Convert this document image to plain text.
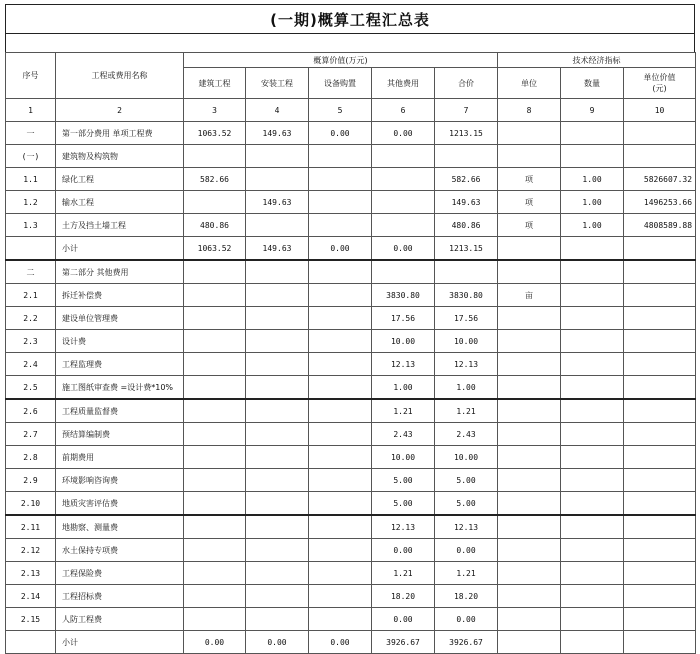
(一期)概算工程汇总表
序号	工程或费用名称	概算价值(万元)					技术经济指标		
		建筑工程	安装工程	设备购置	其他费用	合价	单位	数量	单位价值
(元)
1	2	3	4	5	6	7	8	9	10
一	第一部分费用 单项工程费	1063.52	149.63	0.00	0.00	1213.15			
(一)	建筑物及构筑物								
1.1	绿化工程	582.66				582.66	项	1.00	5826607.32
1.2	输水工程		149.63			149.63	项	1.00	1496253.66
1.3	土方及挡土墙工程	480.86				480.86	项	1.00	4808589.88
	小计	1063.52	149.63	0.00	0.00	1213.15			
二	第二部分 其他费用								
2.1	拆迁补偿费				3830.80	3830.80	亩		
2.2	建设单位管理费				17.56	17.56			
2.3	设计费				10.00	10.00			
2.4	工程监理费				12.13	12.13			
2.5	施工图纸审查费 =设计费*10%				1.00	1.00			
2.6	工程质量监督费				1.21	1.21			
2.7	预结算编制费				2.43	2.43			
2.8	前期费用				10.00	10.00			
2.9	环境影响咨询费				5.00	5.00			
2.10	地质灾害评估费				5.00	5.00			
2.11	地勘察、测量费				12.13	12.13			
2.12	水土保持专项费				0.00	0.00			
2.13	工程保险费				1.21	1.21			
2.14	工程招标费				18.20	18.20			
2.15	人防工程费				0.00	0.00			
	小计	0.00	0.00	0.00	3926.67	3926.67			
